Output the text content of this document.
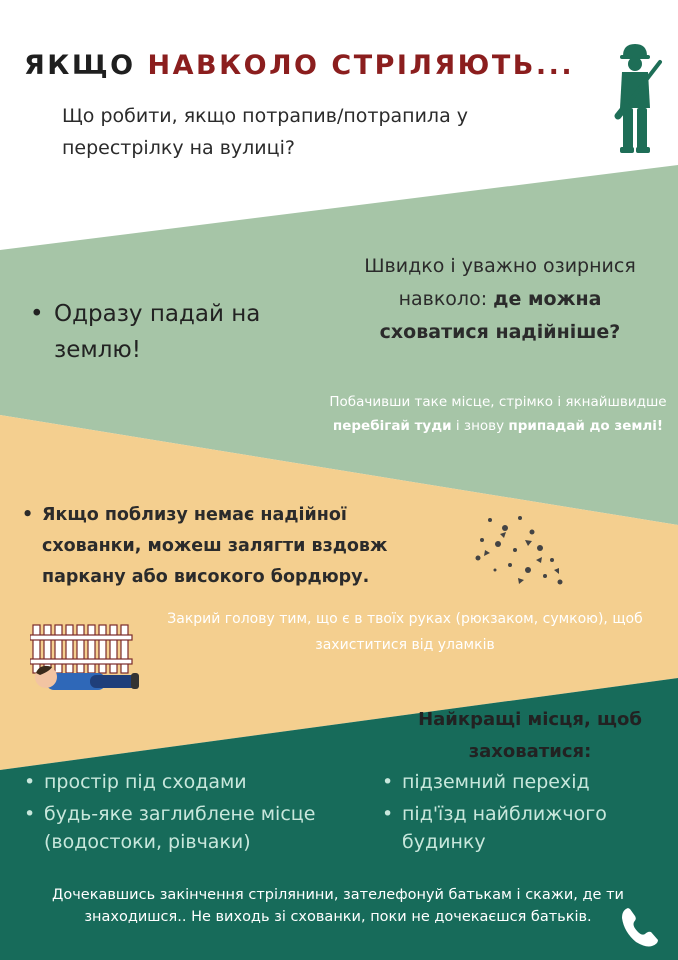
ЯКЩО НАВКОЛО СТРІЛЯЮТЬ...
Що робити, якщо потрапив/потрапила у перестрілку на вулиці?
• Одразу падай на землю!
Швидко і уважно озирнися навколо: де можна сховатися надійніше?
Побачивши таке місце, стрімко і якнайшвидше перебігай туди і знову припадай до землі!
• Якщо поблизу немає надійної схованки, можеш залягти вздовж паркану або високого бордюру.
Закрий голову тим, що є в твоїх руках (рюкзаком, сумкою), щоб захиститися від уламків
Найкращі місця, щоб заховатися:
• простір під сходами
• будь-яке заглиблене місце (водостоки, рівчаки)
• підземний перехід
• під'їзд найближчого будинку
Дочекавшись закінчення стрілянини, зателефонуй батькам і скажи, де ти знаходишся.. Не виходь зі схованки, поки не дочекаєшся батьків.
